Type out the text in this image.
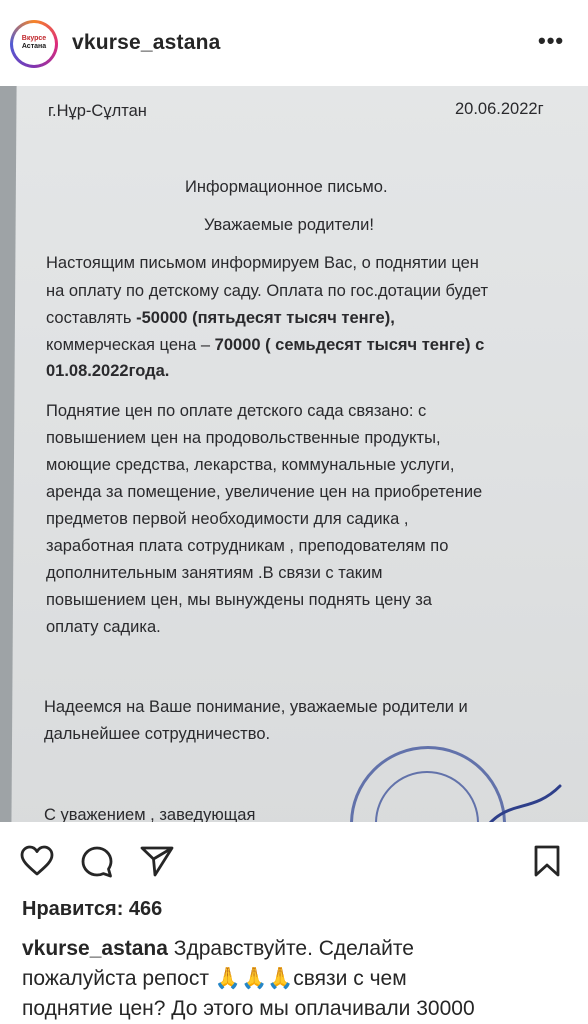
Вкурсе
Астана	vkurse_astana	•••
г.Нұр-Сұлтан	20.06.2022г
Информационное письмо.
Уважаемые родители!
Настоящим письмом информируем Вас, о поднятии цен
на оплату по детскому саду. Оплата по гос.дотации будет
составлять -50000 (пятьдесят тысяч тенге),
коммерческая цена – 70000 ( семьдесят тысяч тенге) с
01.08.2022года.
Поднятие цен по оплате детского сада связано: с
повышением цен на продовольственные продукты,
моющие средства, лекарства, коммунальные услуги,
аренда за помещение, увеличение цен на приобретение
предметов первой необходимости для садика ,
заработная плата сотрудникам , преподователям по
дополнительным занятиям .В связи с таким
повышением цен, мы вынуждены поднять цену за
оплату садика.
Надеемся на Ваше понимание, уважаемые родители и
дальнейшее сотрудничество.
С уважением , заведующая
Нравится: 466
vkurse_astana Здравствуйте. Сделайте
пожалуйста репост 🙏🙏🙏связи с чем
поднятие цен? До этого мы оплачивали 30000
